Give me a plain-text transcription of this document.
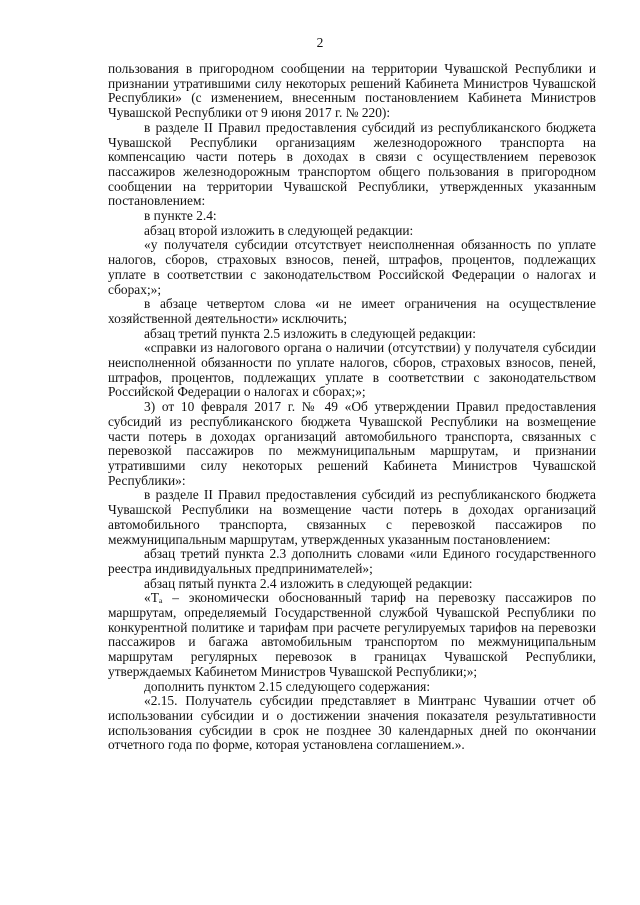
2

пользования в пригородном сообщении на территории Чувашской Республики и признании утратившими силу некоторых решений Кабинета Министров Чувашской Республики» (с изменением, внесенным постановлением Кабинета Министров Чувашской Республики от 9 июня 2017 г. № 220):

в разделе II Правил предоставления субсидий из республиканского бюджета Чувашской Республики организациям железнодорожного транспорта на компенсацию части потерь в доходах в связи с осуществлением перевозок пассажиров железнодорожным транспортом общего пользования в пригородном сообщении на территории Чувашской Республики, утвержденных указанным постановлением:

в пункте 2.4:

абзац второй изложить в следующей редакции:

«у получателя субсидии отсутствует неисполненная обязанность по уплате налогов, сборов, страховых взносов, пеней, штрафов, процентов, подлежащих уплате в соответствии с законодательством Российской Федерации о налогах и сборах;»;

в абзаце четвертом слова «и не имеет ограничения на осуществление хозяйственной деятельности» исключить;

абзац третий пункта 2.5 изложить в следующей редакции:

«справки из налогового органа о наличии (отсутствии) у получателя субсидии неисполненной обязанности по уплате налогов, сборов, страховых взносов, пеней, штрафов, процентов, подлежащих уплате в соответствии с законодательством Российской Федерации о налогах и сборах;»;

3) от 10 февраля 2017 г. № 49 «Об утверждении Правил предоставления субсидий из республиканского бюджета Чувашской Республики на возмещение части потерь в доходах организаций автомобильного транспорта, связанных с перевозкой пассажиров по межмуниципальным маршрутам, и признании утратившими силу некоторых решений Кабинета Министров Чувашской Республики»:

в разделе II Правил предоставления субсидий из республиканского бюджета Чувашской Республики на возмещение части потерь в доходах организаций автомобильного транспорта, связанных с перевозкой пассажиров по межмуниципальным маршрутам, утвержденных указанным постановлением:

абзац третий пункта 2.3 дополнить словами «или Единого государственного реестра индивидуальных предпринимателей»;

абзац пятый пункта 2.4 изложить в следующей редакции:

«Тₐ – экономически обоснованный тариф на перевозку пассажиров по маршрутам, определяемый Государственной службой Чувашской Республики по конкурентной политике и тарифам при расчете регулируемых тарифов на перевозки пассажиров и багажа автомобильным транспортом по межмуниципальным маршрутам регулярных перевозок в границах Чувашской Республики, утверждаемых Кабинетом Министров Чувашской Республики;»;

дополнить пунктом 2.15 следующего содержания:

«2.15. Получатель субсидии представляет в Минтранс Чувашии отчет об использовании субсидии и о достижении значения показателя результативности использования субсидии в срок не позднее 30 календарных дней по окончании отчетного года по форме, которая установлена соглашением.».
